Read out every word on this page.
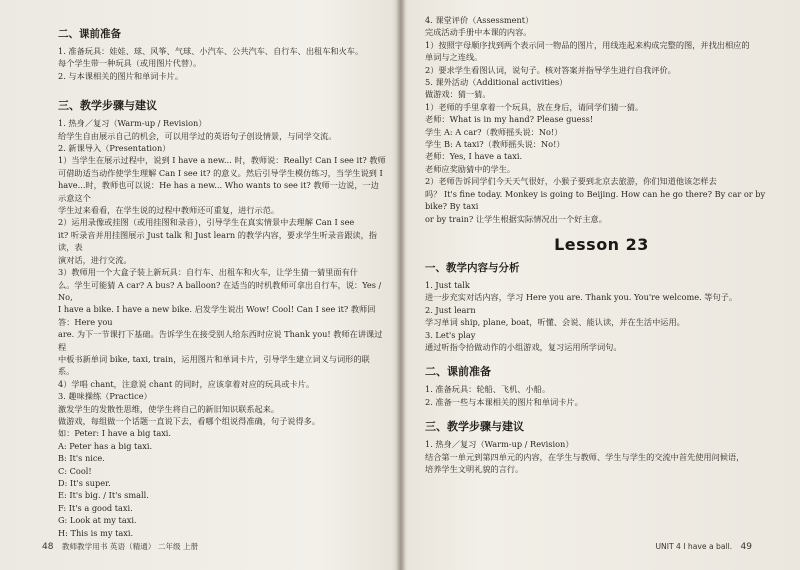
二、课前准备

1. 准备玩具：娃娃、球、风筝、气球、小汽车、公共汽车、自行车、出租车和火车。

每个学生带一种玩具（或用图片代替）。

2. 与本课相关的图片和单词卡片。

三、教学步骤与建议

1. 热身／复习（Warm-up / Revision）

给学生自由展示自己的机会，可以用学过的英语句子创设情景，与同学交流。

2. 新课导入（Presentation）

1）当学生在展示过程中，说到 I have a new... 时，教师说：Really! Can I see it? 教师

可借助适当动作使学生理解 Can I see it? 的意义。然后引导学生模仿练习，当学生说到 I

have...时，教师也可以说：He has a new... Who wants to see it? 教师一边说，一边示意这个

学生过来看看，在学生说的过程中教师还可重复，进行示范。

2）运用录像或挂图（或用挂图和录音），引导学生在真实情景中去理解 Can I see

it? 听录音并用挂图展示 Just talk 和 Just learn 的教学内容，要求学生听录音跟读，指读，表

演对话，进行交流。

3）教师用一个大盒子装上新玩具：自行车、出租车和火车，让学生猜一猜里面有什

么。学生可能猜 A car? A bus? A balloon? 在适当的时机教师可拿出自行车，说：Yes / No,

I have a bike. I have a new bike. 启发学生说出 Wow! Cool! Can I see it? 教师回答：Here you

are. 为下一节课打下基础。告诉学生在接受别人给东西时应说 Thank you! 教师在讲课过程

中板书新单词 bike, taxi, train，运用图片和单词卡片，引导学生建立词义与词形的联系。

4）学唱 chant，注意说 chant 的同时，应该拿着对应的玩具或卡片。

3. 趣味操练（Practice）

激发学生的发散性思维，使学生将自己的新旧知识联系起来。

做游戏，每组做一个话题一直说下去，看哪个组说得准确，句子说得多。

如：Peter: I have a big taxi.

A: Peter has a big taxi.

B: It's nice.

C: Cool!

D: It's super.

E: It's big. / It's small.

F: It's a good taxi.

G: Look at my taxi.

H: This is my taxi.

48 教师教学用书 英语（精通） 二年级 上册

4. 课堂评价（Assessment）

完成活动手册中本课的内容。

1）按照字母顺序找到两个表示同一物品的图片，用线连起来构成完整的图，并找出相应的

单词与之连线。

2）要求学生看图认词，说句子。核对答案并指导学生进行自我评价。

5. 课外活动（Additional activities）

做游戏：猜一猜。

1）老师的手里拿着一个玩具，放在身后，请同学们猜一猜。

老师：What is in my hand? Please guess!

学生 A: A car?（教师摇头说：No!）

学生 B: A taxi?（教师摇头说：No!）

老师：Yes, I have a taxi.

老师应奖励猜中的学生。

2）老师告诉同学们今天天气很好，小猴子要到北京去旅游，你们知道他该怎样去

吗？ It's fine today. Monkey is going to Beijing. How can he go there? By car or by bike? By taxi

or by train? 让学生根据实际情况出一个好主意。

Lesson 23
一、教学内容与分析

1. Just talk

进一步充实对话内容，学习 Here you are. Thank you. You're welcome. 等句子。

2. Just learn

学习单词 ship, plane, boat，听懂、会说、能认读，并在生活中运用。

3. Let's play

通过听指令拾做动作的小组游戏，复习运用所学词句。

二、课前准备

1. 准备玩具：轮船、飞机、小船。

2. 准备一些与本课相关的图片和单词卡片。

三、教学步骤与建议

1. 热身／复习（Warm-up / Revision）

结合第一单元到第四单元的内容，在学生与教师、学生与学生的交流中首先使用问候语，

培养学生文明礼貌的言行。

UNIT 4 I have a ball. 49
